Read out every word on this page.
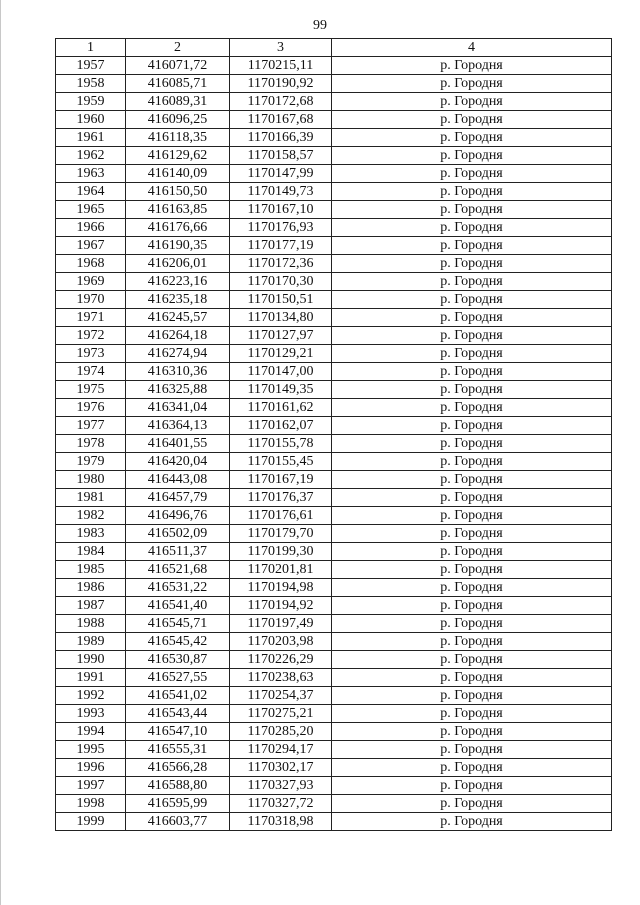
99
1	2	3	4
1957	416071,72	1170215,11	р. Городня
1958	416085,71	1170190,92	р. Городня
1959	416089,31	1170172,68	р. Городня
1960	416096,25	1170167,68	р. Городня
1961	416118,35	1170166,39	р. Городня
1962	416129,62	1170158,57	р. Городня
1963	416140,09	1170147,99	р. Городня
1964	416150,50	1170149,73	р. Городня
1965	416163,85	1170167,10	р. Городня
1966	416176,66	1170176,93	р. Городня
1967	416190,35	1170177,19	р. Городня
1968	416206,01	1170172,36	р. Городня
1969	416223,16	1170170,30	р. Городня
1970	416235,18	1170150,51	р. Городня
1971	416245,57	1170134,80	р. Городня
1972	416264,18	1170127,97	р. Городня
1973	416274,94	1170129,21	р. Городня
1974	416310,36	1170147,00	р. Городня
1975	416325,88	1170149,35	р. Городня
1976	416341,04	1170161,62	р. Городня
1977	416364,13	1170162,07	р. Городня
1978	416401,55	1170155,78	р. Городня
1979	416420,04	1170155,45	р. Городня
1980	416443,08	1170167,19	р. Городня
1981	416457,79	1170176,37	р. Городня
1982	416496,76	1170176,61	р. Городня
1983	416502,09	1170179,70	р. Городня
1984	416511,37	1170199,30	р. Городня
1985	416521,68	1170201,81	р. Городня
1986	416531,22	1170194,98	р. Городня
1987	416541,40	1170194,92	р. Городня
1988	416545,71	1170197,49	р. Городня
1989	416545,42	1170203,98	р. Городня
1990	416530,87	1170226,29	р. Городня
1991	416527,55	1170238,63	р. Городня
1992	416541,02	1170254,37	р. Городня
1993	416543,44	1170275,21	р. Городня
1994	416547,10	1170285,20	р. Городня
1995	416555,31	1170294,17	р. Городня
1996	416566,28	1170302,17	р. Городня
1997	416588,80	1170327,93	р. Городня
1998	416595,99	1170327,72	р. Городня
1999	416603,77	1170318,98	р. Городня
